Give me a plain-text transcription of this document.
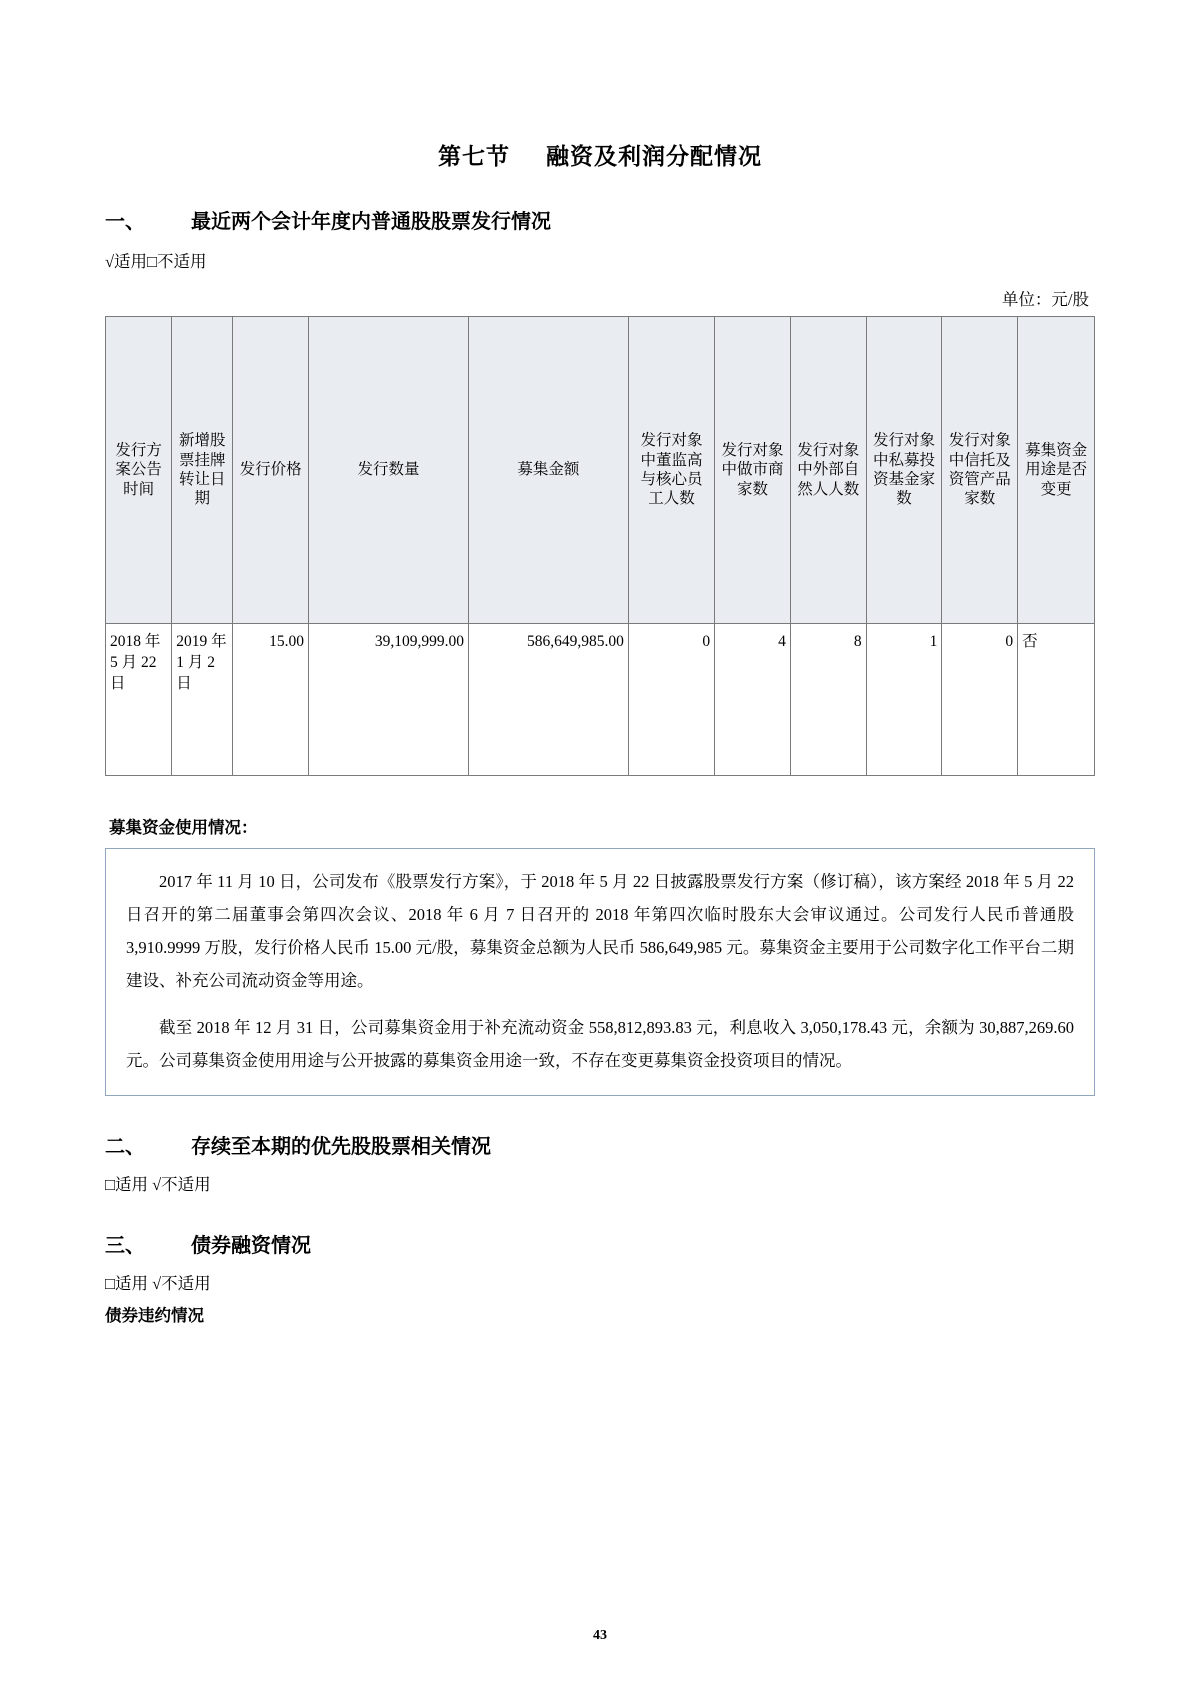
第七节 融资及利润分配情况
一、 最近两个会计年度内普通股股票发行情况
√适用□不适用
单位：元/股
发行方案公告时间	新增股票挂牌转让日期	发行价格	发行数量	募集金额	发行对象中董监高与核心员工人数	发行对象中做市商家数	发行对象中外部自然人人数	发行对象中私募投资基金家数	发行对象中信托及资管产品家数	募集资金用途是否变更
2018 年 5 月 22 日	2019 年 1 月 2 日	15.00	39,109,999.00	586,649,985.00	0	4	8	1	0	否
募集资金使用情况：

2017 年 11 月 10 日，公司发布《股票发行方案》，于 2018 年 5 月 22 日披露股票发行方案（修订稿），该方案经 2018 年 5 月 22 日召开的第二届董事会第四次会议、2018 年 6 月 7 日召开的 2018 年第四次临时股东大会审议通过。公司发行人民币普通股 3,910.9999 万股，发行价格人民币 15.00 元/股，募集资金总额为人民币 586,649,985 元。募集资金主要用于公司数字化工作平台二期建设、补充公司流动资金等用途。

截至 2018 年 12 月 31 日，公司募集资金用于补充流动资金 558,812,893.83 元，利息收入 3,050,178.43 元，余额为 30,887,269.60 元。公司募集资金使用用途与公开披露的募集资金用途一致，不存在变更募集资金投资项目的情况。

二、 存续至本期的优先股股票相关情况
□适用 √不适用
三、 债券融资情况
□适用 √不适用
债券违约情况
43
